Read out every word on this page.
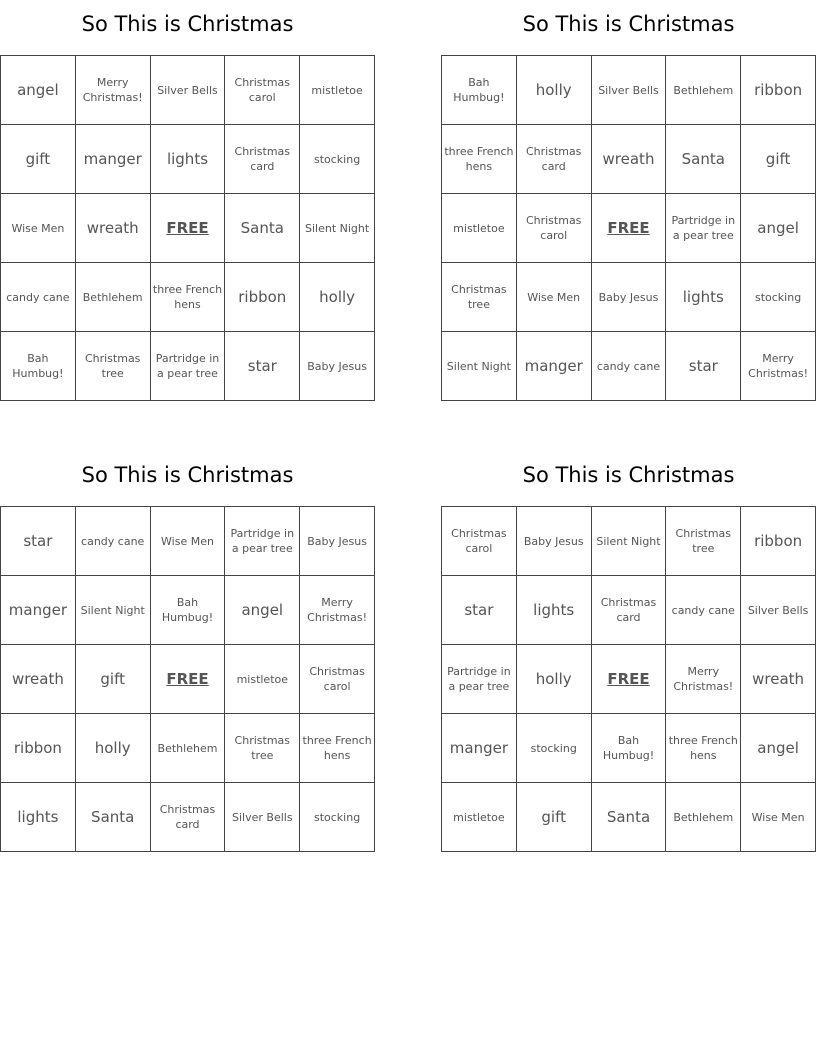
So This is Christmas
angel	Merry Christmas!	Silver Bells	Christmas carol	mistletoe
gift	manger	lights	Christmas card	stocking
Wise Men	wreath	FREE	Santa	Silent Night
candy cane	Bethlehem	three French hens	ribbon	holly
Bah Humbug!	Christmas tree	Partridge in a pear tree	star	Baby Jesus
So This is Christmas
Bah Humbug!	holly	Silver Bells	Bethlehem	ribbon
three French hens	Christmas card	wreath	Santa	gift
mistletoe	Christmas carol	FREE	Partridge in a pear tree	angel
Christmas tree	Wise Men	Baby Jesus	lights	stocking
Silent Night	manger	candy cane	star	Merry Christmas!
So This is Christmas
star	candy cane	Wise Men	Partridge in a pear tree	Baby Jesus
manger	Silent Night	Bah Humbug!	angel	Merry Christmas!
wreath	gift	FREE	mistletoe	Christmas carol
ribbon	holly	Bethlehem	Christmas tree	three French hens
lights	Santa	Christmas card	Silver Bells	stocking
So This is Christmas
Christmas carol	Baby Jesus	Silent Night	Christmas tree	ribbon
star	lights	Christmas card	candy cane	Silver Bells
Partridge in a pear tree	holly	FREE	Merry Christmas!	wreath
manger	stocking	Bah Humbug!	three French hens	angel
mistletoe	gift	Santa	Bethlehem	Wise Men
